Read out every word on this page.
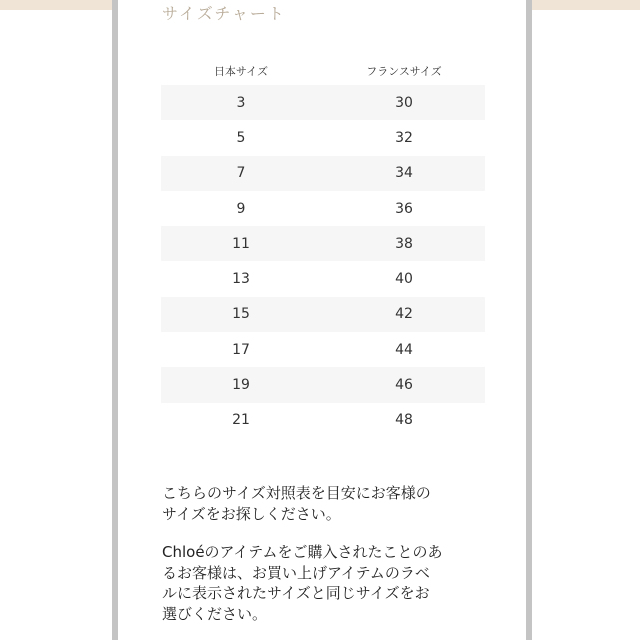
サイズチャート
日本サイズ	フランスサイズ
3	30
5	32
7	34
9	36
11	38
13	40
15	42
17	44
19	46
21	48

こちらのサイズ対照表を目安にお客様の
サイズをお探しください。

Chloéのアイテムをご購入されたことのあ
るお客様は、お買い上げアイテムのラベ
ルに表示されたサイズと同じサイズをお
選びください。
